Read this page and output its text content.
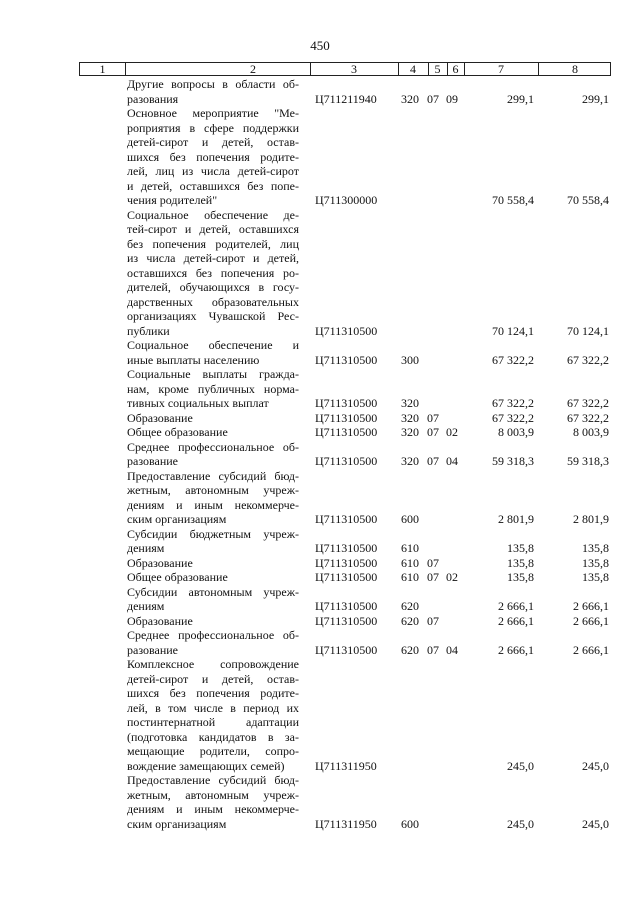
450
1	2	3	4	5	6	7	8
Другие вопросы в области об-
разования	Ц711211940 320 07 09	299,1	299,1
Основное мероприятие "Ме-
роприятия в сфере поддержки
детей-сирот и детей, остав-
шихся без попечения родите-
лей, лиц из числа детей-сирот
и детей, оставшихся без попе-
чения родителей"	Ц711300000	70 558,4	70 558,4
Социальное обеспечение де-
тей-сирот и детей, оставшихся
без попечения родителей, лиц
из числа детей-сирот и детей,
оставшихся без попечения ро-
дителей, обучающихся в госу-
дарственных образовательных
организациях Чувашской Рес-
публики	Ц711310500	70 124,1	70 124,1
Социальное обеспечение и
иные выплаты населению	Ц711310500 300	67 322,2	67 322,2
Социальные выплаты гражда-
нам, кроме публичных норма-
тивных социальных выплат	Ц711310500 320	67 322,2	67 322,2
Образование	Ц711310500 320 07	67 322,2	67 322,2
Общее образование	Ц711310500 320 07 02	8 003,9	8 003,9
Среднее профессиональное об-
разование	Ц711310500 320 07 04	59 318,3	59 318,3
Предоставление субсидий бюд-
жетным, автономным учреж-
дениям и иным некоммерче-
ским организациям	Ц711310500 600	2 801,9	2 801,9
Субсидии бюджетным учреж-
дениям	Ц711310500 610	135,8	135,8
Образование	Ц711310500 610 07	135,8	135,8
Общее образование	Ц711310500 610 07 02	135,8	135,8
Субсидии автономным учреж-
дениям	Ц711310500 620	2 666,1	2 666,1
Образование	Ц711310500 620 07	2 666,1	2 666,1
Среднее профессиональное об-
разование	Ц711310500 620 07 04	2 666,1	2 666,1
Комплексное сопровождение
детей-сирот и детей, остав-
шихся без попечения родите-
лей, в том числе в период их
постинтернатной адаптации
(подготовка кандидатов в за-
мещающие родители, сопро-
вождение замещающих семей)	Ц711311950	245,0	245,0
Предоставление субсидий бюд-
жетным, автономным учреж-
дениям и иным некоммерче-
ским организациям	Ц711311950 600	245,0	245,0
